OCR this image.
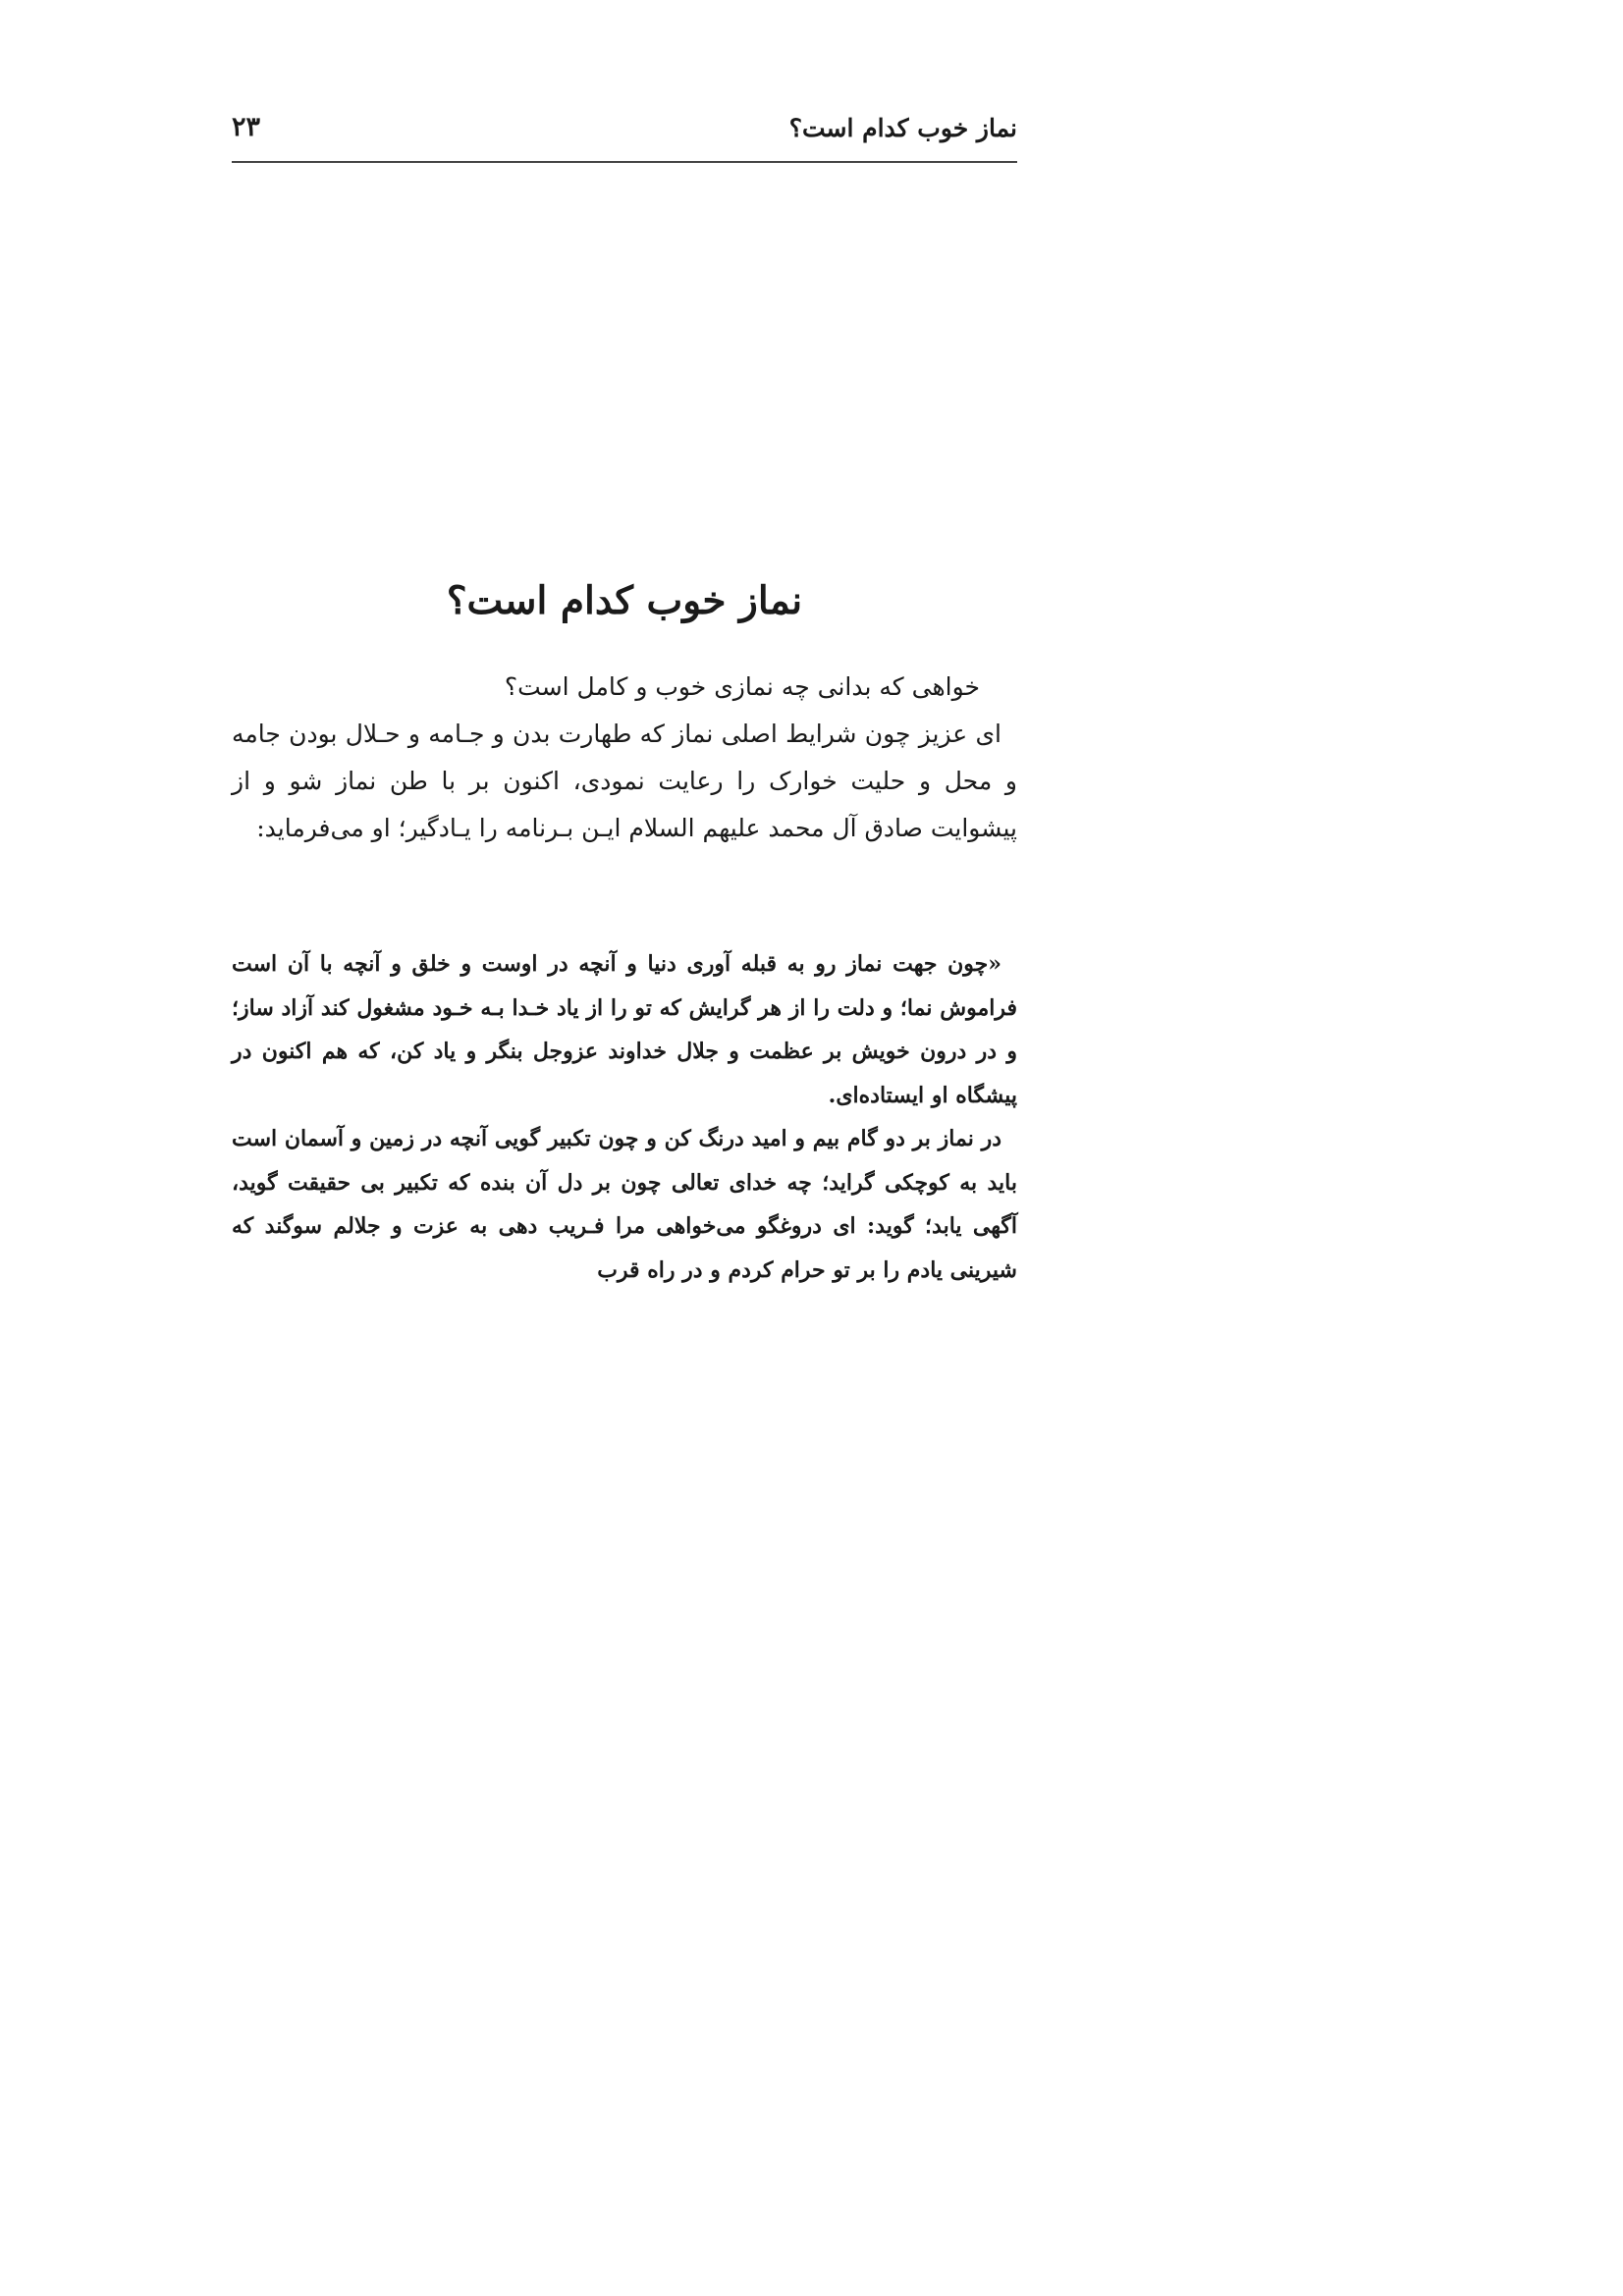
نماز خوب کدام است؟
۲۳
نماز خوب کدام است؟

خواهی که بدانی چه نمازی خوب و کامل است؟

ای عزیز چون شرایط اصلی نماز که طهارت بدن و جـامه و حـلال بودن جامه و محل و حلیت خوارک را رعایت نمودی، اکنون بر با طن نماز شو و از پیشوایت صادق آل محمد علیهم السلام ایـن بـرنامه را یـادگیر؛ او می‌فرماید:

«چون جهت نماز رو به قبله آوری دنیا و آنچه در اوست و خلق و آنچه با آن است فراموش نما؛ و دلت را از هر گرایش که تو را از یاد خـدا بـه خـود مشغول کند آزاد ساز؛ و در درون خویش بر عظمت و جلال خداوند عزوجل بنگر و یاد کن، که هم اکنون در پیشگاه او ایستاده‌ای.

در نماز بر دو گام بیم و امید درنگ کن و چون تکبیر گویی آنچه در زمین و آسمان است باید به کوچکی گراید؛ چه خدای تعالی چون بر دل آن بنده که تکبیر بی حقیقت گوید، آگهی یابد؛ گوید: ای دروغگو می‌خواهی مرا فـریب دهی به عزت و جلالم سوگند که شیرینی یادم را بر تو حرام کردم و در راه قرب
